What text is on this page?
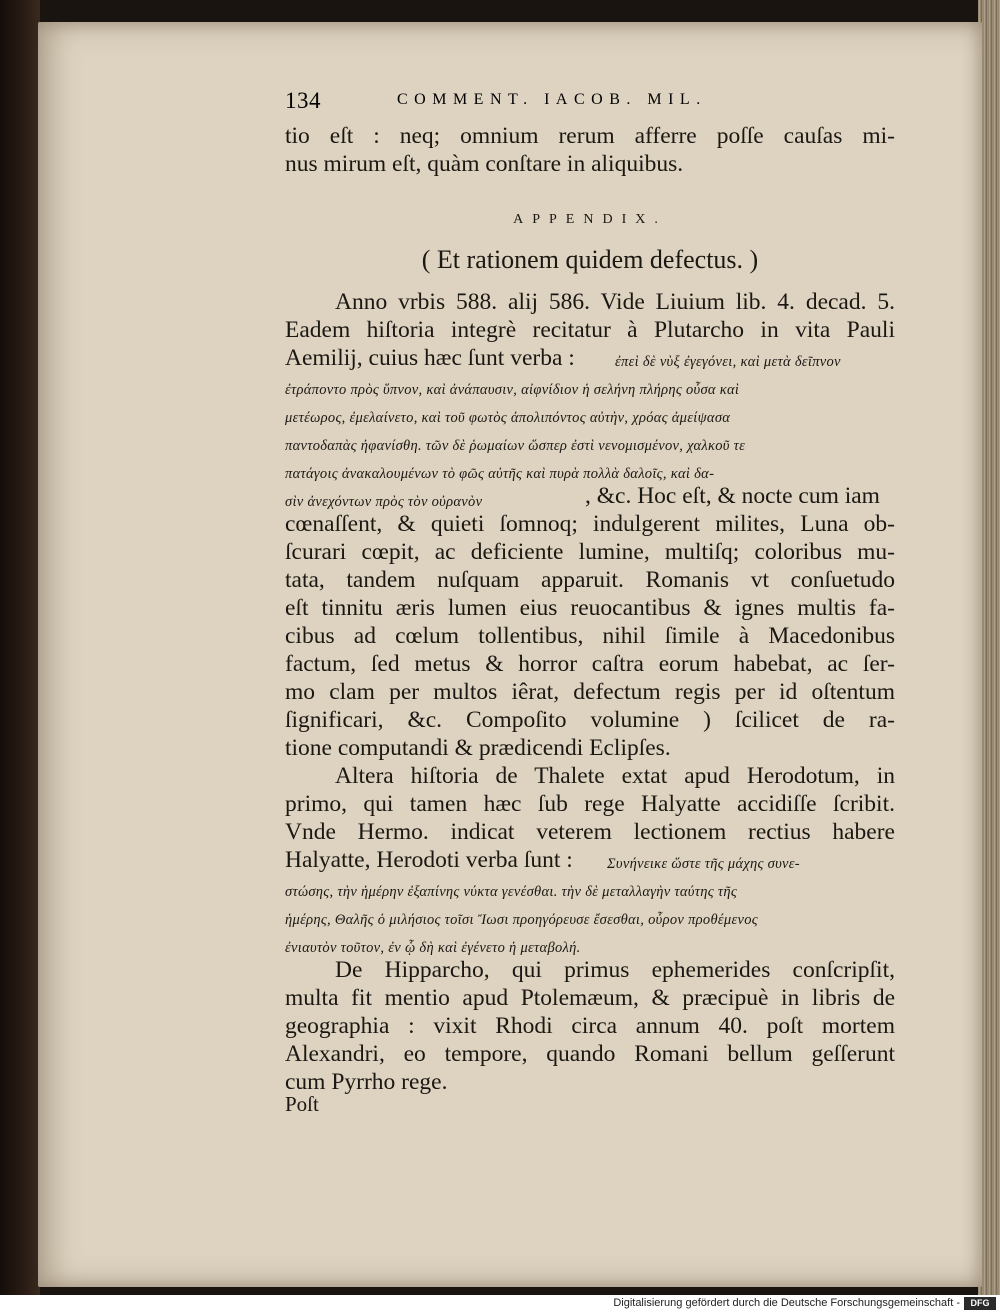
134	COMMENT. IACOB. MIL.
tio eſt : neq; omnium rerum afferre poſſe cauſas mi-
nus mirum eſt, quàm conſtare in aliquibus.
APPENDIX.
( Et rationem quidem defectus. )
Anno vrbis 588. alij 586. Vide Liuium lib. 4. decad. 5.
Eadem hiſtoria integrè recitatur à Plutarcho in vita Pauli
Aemilij, cuius hæc ſunt verba :	ἐπεὶ δὲ νὺξ ἐγεγόνει, καὶ μετὰ δεῖπνον
ἐτράποντο πρὸς ὕπνον, καὶ ἀνάπαυσιν, αἰφνίδιον ἡ σελήνη πλήρης οὖσα καὶ
μετέωρος, ἐμελαίνετο, καὶ τοῦ φωτὸς ἀπολιπόντος αὐτὴν, χρόας ἀμείψασα
παντοδαπὰς ἠφανίσθη. τῶν δὲ ῥωμαίων ὥσπερ ἐστὶ νενομισμένον, χαλκοῦ τε
πατάγοις ἀνακαλουμένων τὸ φῶς αὐτῆς καὶ πυρὰ πολλὰ δαλοῖς, καὶ δα-
σὶν ἀνεχόντων πρὸς τὸν οὐρανὸν	, &c. Hoc eſt, & nocte cum iam
cœnaſſent, & quieti ſomnoq; indulgerent milites, Luna ob-
ſcurari cœpit, ac deficiente lumine, multiſq; coloribus mu-
tata, tandem nuſquam apparuit. Romanis vt conſuetudo
eſt tinnitu æris lumen eius reuocantibus & ignes multis fa-
cibus ad cœlum tollentibus, nihil ſimile à Macedonibus
factum, ſed metus & horror caſtra eorum habebat, ac ſer-
mo clam per multos iêrat, defectum regis per id oſtentum
ſignificari, &c. Compoſito volumine ) ſcilicet de ra-
tione computandi & prædicendi Eclipſes.
Altera hiſtoria de Thalete extat apud Herodotum, in
primo, qui tamen hæc ſub rege Halyatte accidiſſe ſcribit.
Vnde Hermo. indicat veterem lectionem rectius habere
Halyatte, Herodoti verba ſunt : Συνήνεικε ὥστε τῆς μάχης συνε-
στώσης, τὴν ἡμέρην ἐξαπίνης νύκτα γενέσθαι. τὴν δὲ μεταλλαγὴν ταύτης τῆς
ἡμέρης, Θαλῆς ὁ μιλήσιος τοῖσι Ἴωσι προηγόρευσε ἔσεσθαι, οὖρον προθέμενος
ἐνιαυτὸν τοῦτον, ἐν ᾧ δὴ καὶ ἐγένετο ἡ μεταβολή.
De Hipparcho, qui primus ephemerides conſcripſit,
multa fit mentio apud Ptolemæum, & præcipuè in libris de
geographia : vixit Rhodi circa annum 40. poſt mortem
Alexandri, eo tempore, quando Romani bellum geſſerunt
cum Pyrrho rege.
Poſt
Digitalisierung gefördert durch die Deutsche Forschungsgemeinschaft -	DFG
